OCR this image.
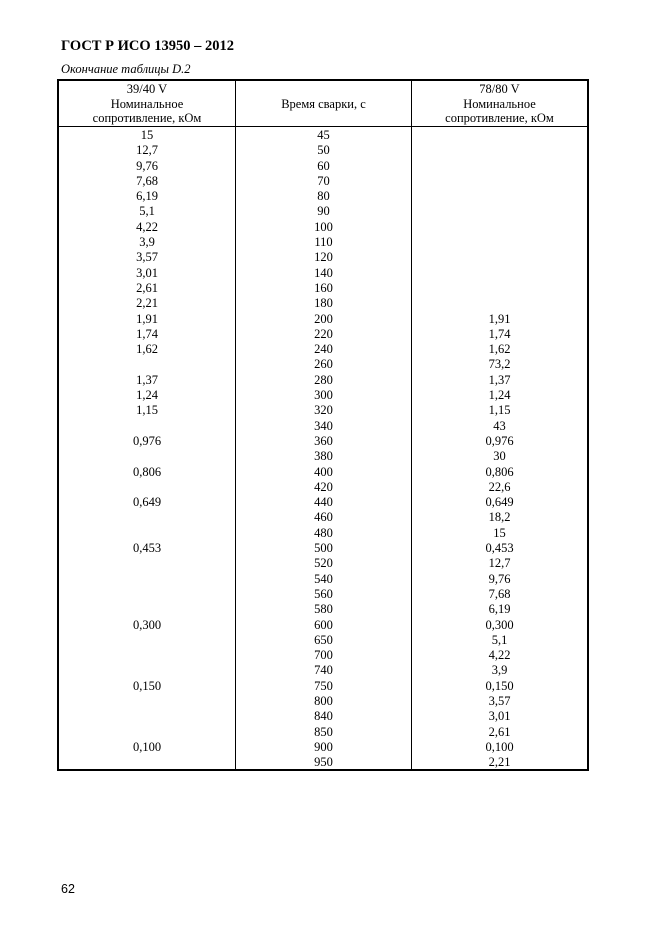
ГОСТ Р ИСО 13950 – 2012
Окончание таблицы D.2
39/40 V
Номинальное
сопротивление, кОм
Время сварки, с
78/80 V
Номинальное
сопротивление, кОм
15
12,7
9,76
7,68
6,19
5,1
4,22
3,9
3,57
3,01
2,61
2,21
1,91
1,74
1,62
1,37
1,24
1,15
0,976
0,806
0,649
0,453
0,300
0,150
0,100
45
50
60
70
80
90
100
110
120
140
160
180
200
220
240
260
280
300
320
340
360
380
400
420
440
460
480
500
520
540
560
580
600
650
700
740
750
800
840
850
900
950
1,91
1,74
1,62
73,2
1,37
1,24
1,15
43
0,976
30
0,806
22,6
0,649
18,2
15
0,453
12,7
9,76
7,68
6,19
0,300
5,1
4,22
3,9
0,150
3,57
3,01
2,61
0,100
2,21
62
